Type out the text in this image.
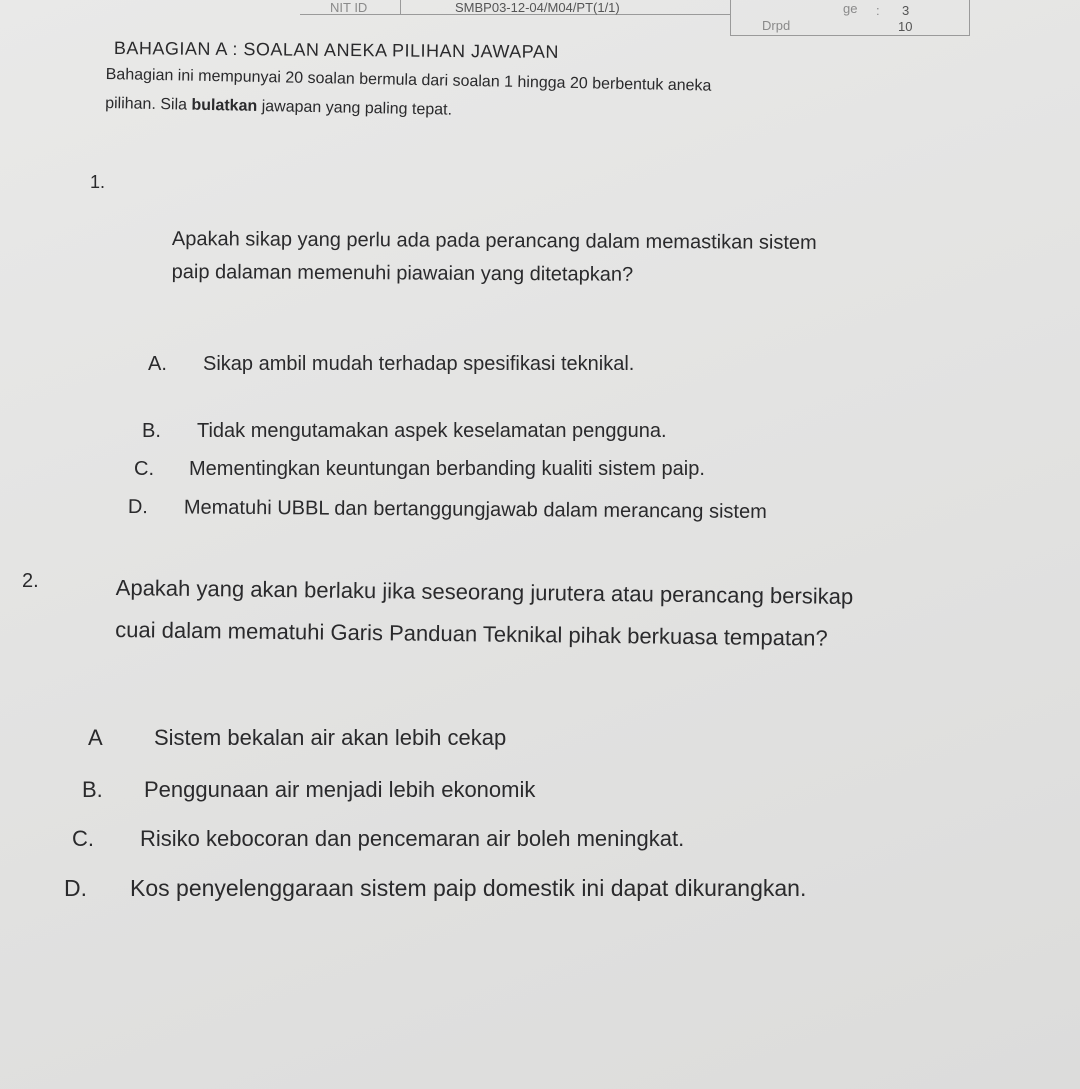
NIT ID	SMBP03-12-04/M04/PT(1/1)
Drpd
ge : 3
10
BAHAGIAN A : SOALAN ANEKA PILIHAN JAWAPAN

Bahagian ini mempunyai 20 soalan bermula dari soalan 1 hingga 20 berbentuk aneka

pilihan. Sila bulatkan jawapan yang paling tepat.

1.
Apakah sikap yang perlu ada pada perancang dalam memastikan sistem
paip dalaman memenuhi piawaian yang ditetapkan?
A. Sikap ambil mudah terhadap spesifikasi teknikal.
B. Tidak mengutamakan aspek keselamatan pengguna.
C. Mementingkan keuntungan berbanding kualiti sistem paip.
D. Mematuhi UBBL dan bertanggungjawab dalam merancang sistem
2.	Apakah yang akan berlaku jika seseorang jurutera atau perancang bersikap
cuai dalam mematuhi Garis Panduan Teknikal pihak berkuasa tempatan?
A Sistem bekalan air akan lebih cekap
B. Penggunaan air menjadi lebih ekonomik
C. Risiko kebocoran dan pencemaran air boleh meningkat.
D. Kos penyelenggaraan sistem paip domestik ini dapat dikurangkan.
